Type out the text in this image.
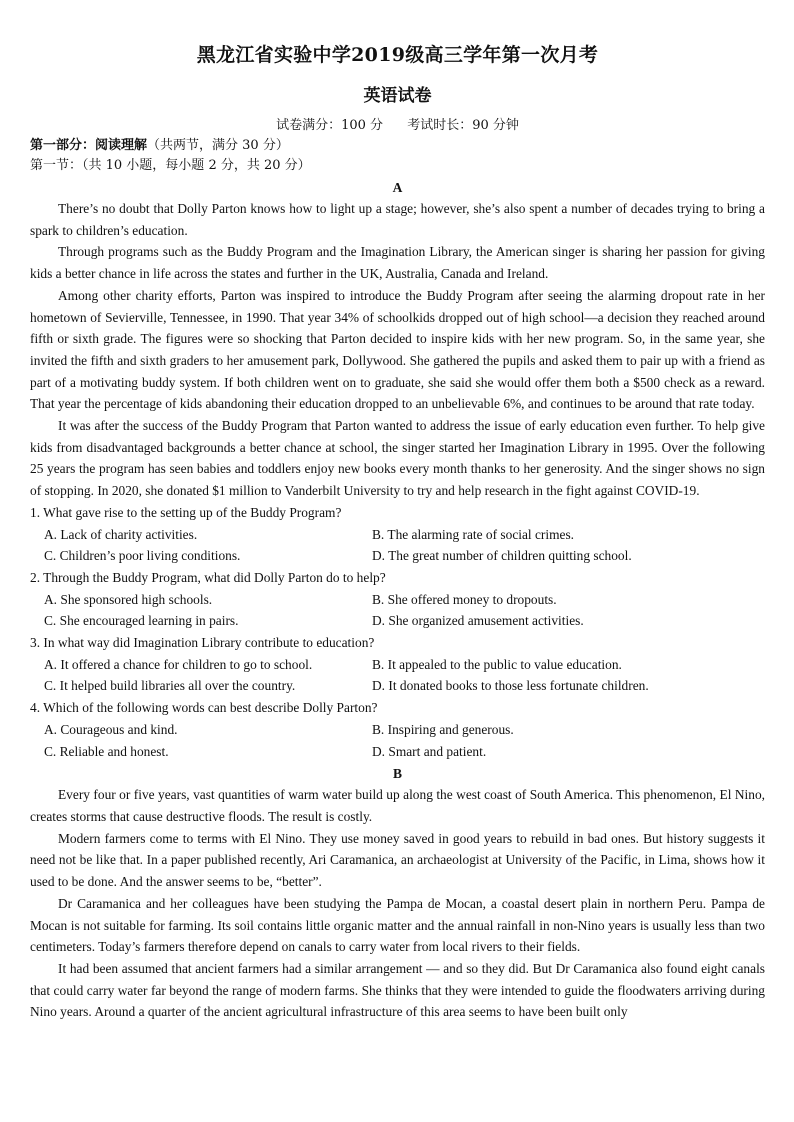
黑龙江省实验中学2019级高三学年第一次月考
英语试卷
试卷满分：100 分 考试时长：90 分钟
第一部分：阅读理解（共两节，满分 30 分）
第一节：（共 10 小题，每小题 2 分，共 20 分）
A

There’s no doubt that Dolly Parton knows how to light up a stage; however, she’s also spent a number of decades trying to bring a spark to children’s education.

Through programs such as the Buddy Program and the Imagination Library, the American singer is sharing her passion for giving kids a better chance in life across the states and further in the UK, Australia, Canada and Ireland.

Among other charity efforts, Parton was inspired to introduce the Buddy Program after seeing the alarming dropout rate in her hometown of Sevierville, Tennessee, in 1990. That year 34% of schoolkids dropped out of high school—a decision they reached around fifth or sixth grade. The figures were so shocking that Parton decided to inspire kids with her new program. So, in the same year, she invited the fifth and sixth graders to her amusement park, Dollywood. She gathered the pupils and asked them to pair up with a friend as part of a motivating buddy system. If both children went on to graduate, she said she would offer them both a $500 check as a reward. That year the percentage of kids abandoning their education dropped to an unbelievable 6%, and continues to be around that rate today.

It was after the success of the Buddy Program that Parton wanted to address the issue of early education even further. To help give kids from disadvantaged backgrounds a better chance at school, the singer started her Imagination Library in 1995. Over the following 25 years the program has seen babies and toddlers enjoy new books every month thanks to her generosity. And the singer shows no sign of stopping. In 2020, she donated $1 million to Vanderbilt University to try and help research in the fight against COVID-19.

1. What gave rise to the setting up of the Buddy Program?

A. Lack of charity activities.	B. The alarming rate of social crimes.
C. Children’s poor living conditions.	D. The great number of children quitting school.

2. Through the Buddy Program, what did Dolly Parton do to help?

A. She sponsored high schools.	B. She offered money to dropouts.
C. She encouraged learning in pairs.	D. She organized amusement activities.

3. In what way did Imagination Library contribute to education?

A. It offered a chance for children to go to school.	B. It appealed to the public to value education.
C. It helped build libraries all over the country.	D. It donated books to those less fortunate children.

4. Which of the following words can best describe Dolly Parton?

A. Courageous and kind.	B. Inspiring and generous.
C. Reliable and honest.	D. Smart and patient.
B

Every four or five years, vast quantities of warm water build up along the west coast of South America. This phenomenon, El Nino, creates storms that cause destructive floods. The result is costly.

Modern farmers come to terms with El Nino. They use money saved in good years to rebuild in bad ones. But history suggests it need not be like that. In a paper published recently, Ari Caramanica, an archaeologist at University of the Pacific, in Lima, shows how it used to be done. And the answer seems to be, “better”.

Dr Caramanica and her colleagues have been studying the Pampa de Mocan, a coastal desert plain in northern Peru. Pampa de Mocan is not suitable for farming. Its soil contains little organic matter and the annual rainfall in non-Nino years is usually less than two centimeters. Today’s farmers therefore depend on canals to carry water from local rivers to their fields.

It had been assumed that ancient farmers had a similar arrangement — and so they did. But Dr Caramanica also found eight canals that could carry water far beyond the range of modern farms. She thinks that they were intended to guide the floodwaters arriving during Nino years. Around a quarter of the ancient agricultural infrastructure of this area seems to have been built only
